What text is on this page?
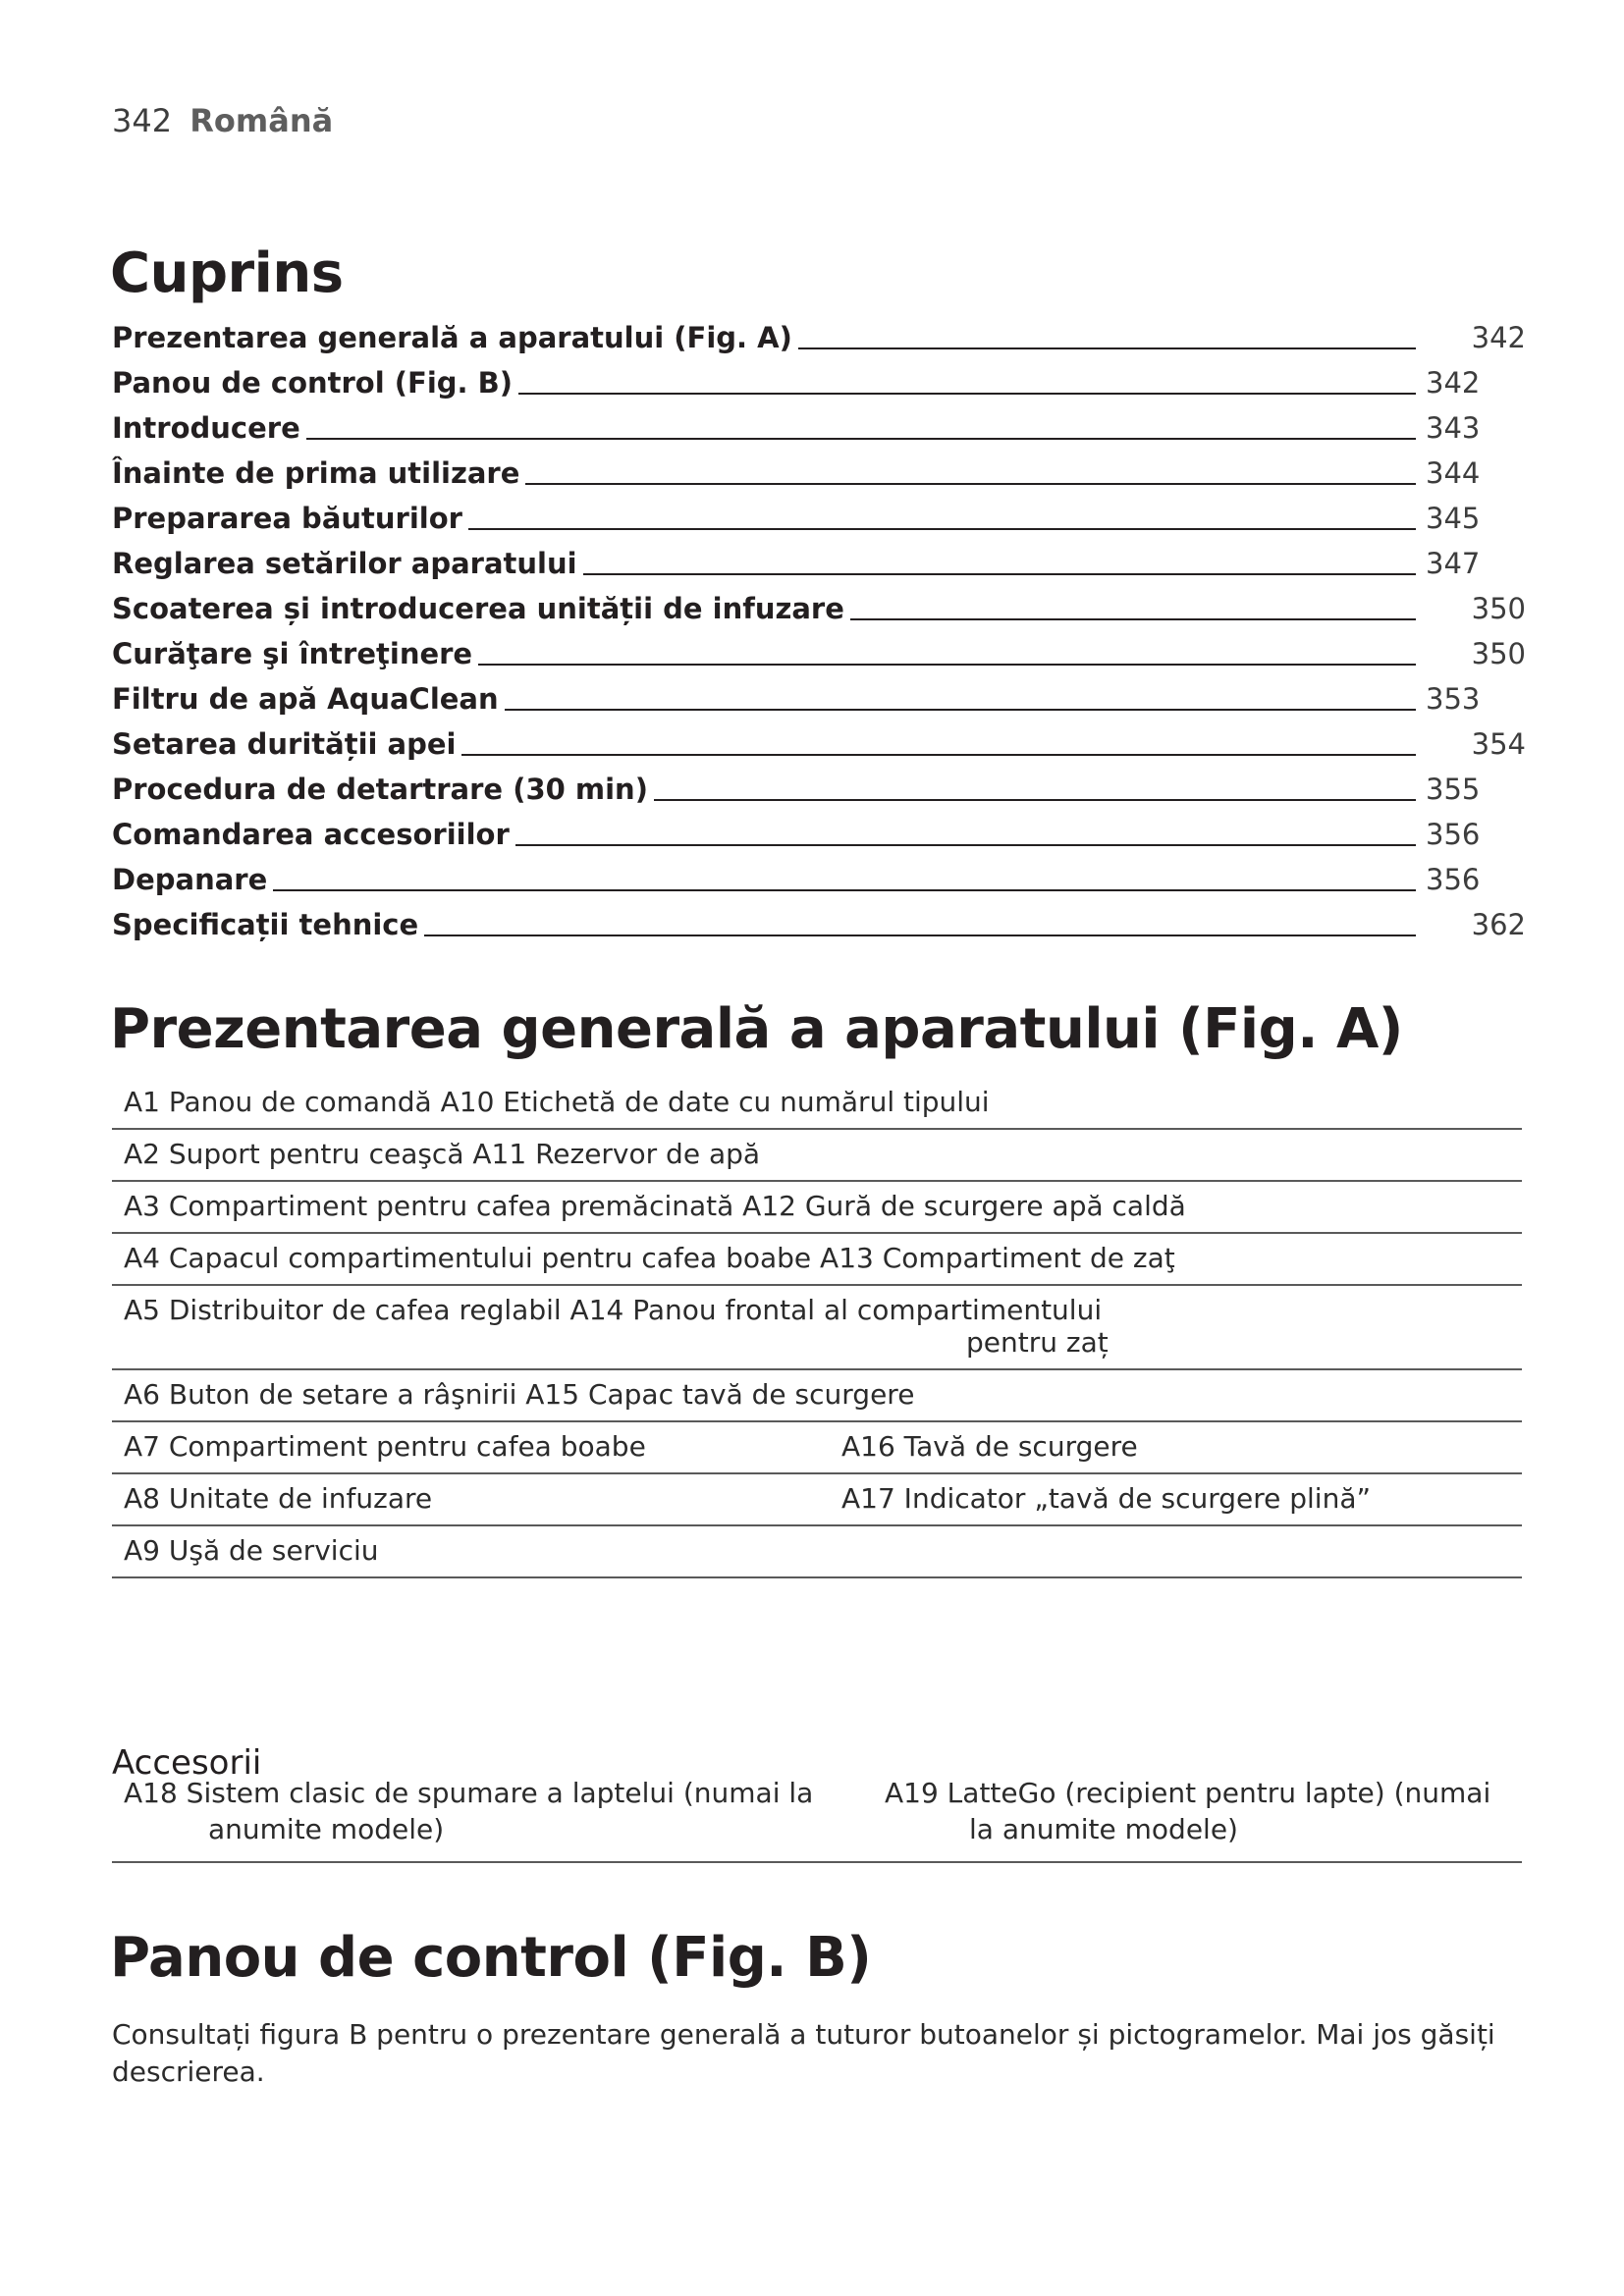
342 Română
Cuprins
Prezentarea generală a aparatului (Fig. A)	342
Panou de control (Fig. B)	342
Introducere	343
Înainte de prima utilizare	344
Prepararea băuturilor	345
Reglarea setărilor aparatului	347
Scoaterea și introducerea unității de infuzare	350
Curăţare şi întreţinere	350
Filtru de apă AquaClean	353
Setarea durității apei	354
Procedura de detartrare (30 min)	355
Comandarea accesoriilor	356
Depanare	356
Specificații tehnice	362
Prezentarea generală a aparatului (Fig. A)
A1 Panou de comandă A10 Etichetă de date cu numărul tipului
A2 Suport pentru ceaşcă A11 Rezervor de apă
A3 Compartiment pentru cafea premăcinată A12 Gură de scurgere apă caldă
A4 Capacul compartimentului pentru cafea boabe A13 Compartiment de zaţ
A5 Distribuitor de cafea reglabil A14 Panou frontal al compartimentului
pentru zaț
A6 Buton de setare a râşnirii A15 Capac tavă de scurgere
A7 Compartiment pentru cafea boabe	A16 Tavă de scurgere
A8 Unitate de infuzare	A17 Indicator „tavă de scurgere plină”
A9 Uşă de serviciu
Accesorii
A18 Sistem clasic de spumare a laptelui (numai la
anumite modele)
A19 LatteGo (recipient pentru lapte) (numai
la anumite modele)
Panou de control (Fig. B)
Consultați figura B pentru o prezentare generală a tuturor butoanelor și pictogramelor. Mai jos găsiți descrierea.
